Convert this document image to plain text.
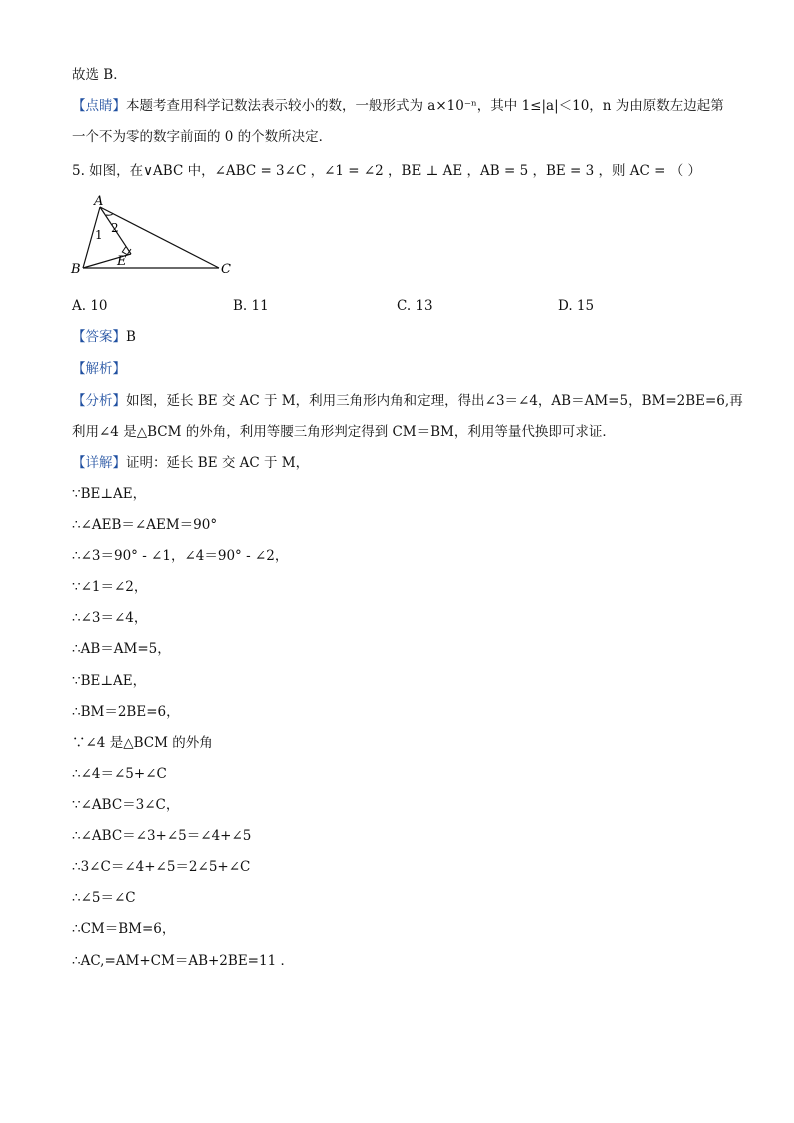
故选 B．
【点睛】本题考查用科学记数法表示较小的数，一般形式为 a×10⁻ⁿ，其中 1≤|a|＜10，n 为由原数左边起第
一个不为零的数字前面的 0 的个数所决定．
5. 如图，在∨ABC 中，∠ABC = 3∠C ，∠1 = ∠2 ，BE ⊥ AE ，AB = 5 ，BE = 3 ，则 AC = （ ）
A
1 2
B
E
C
A. 10	B. 11	C. 13	D. 15
【答案】B
【解析】
【分析】如图，延长 BE 交 AC 于 M，利用三角形内角和定理，得出∠3＝∠4，AB＝AM=5，BM=2BE=6,再
利用∠4 是△BCM 的外角，利用等腰三角形判定得到 CM＝BM，利用等量代换即可求证．
【详解】证明：延长 BE 交 AC 于 M，
∵BE⊥AE，
∴∠AEB＝∠AEM＝90°
∴∠3＝90° - ∠1，∠4＝90° - ∠2，
∵∠1＝∠2，
∴∠3＝∠4，
∴AB＝AM=5，
∵BE⊥AE，
∴BM＝2BE=6，
∵∠4 是△BCM 的外角
∴∠4＝∠5+∠C
∵∠ABC＝3∠C，
∴∠ABC＝∠3+∠5＝∠4+∠5
∴3∠C＝∠4+∠5＝2∠5+∠C
∴∠5＝∠C
∴CM＝BM=6，
∴AC,=AM+CM＝AB+2BE=11 ．
